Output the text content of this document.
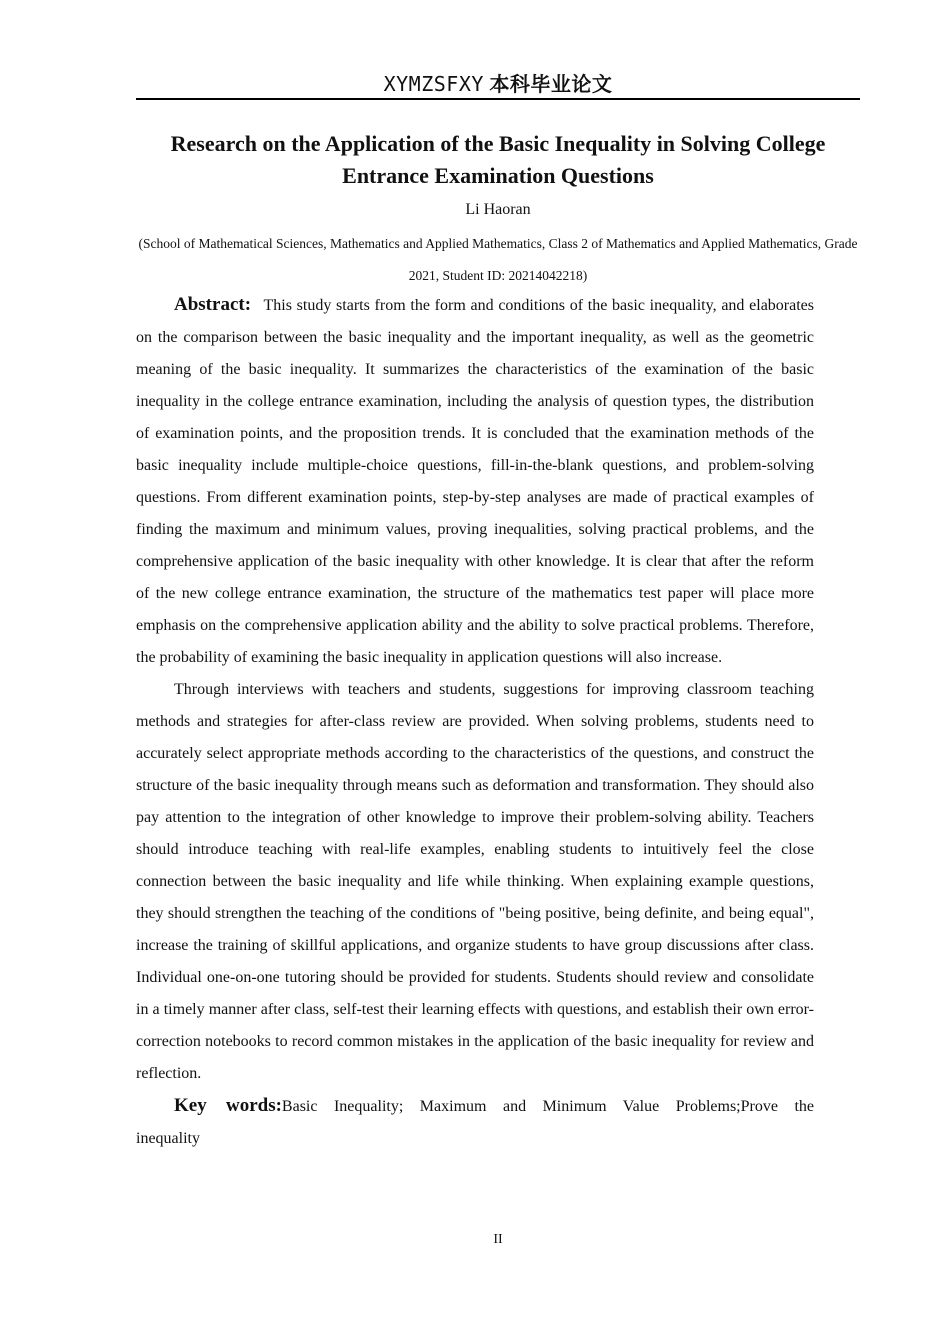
XYMZSFXY 本科毕业论文
Research on the Application of the Basic Inequality in Solving College Entrance Examination Questions
Li Haoran
(School of Mathematical Sciences, Mathematics and Applied Mathematics, Class 2 of Mathematics and Applied Mathematics, Grade 2021, Student ID: 20214042218)

Abstract: This study starts from the form and conditions of the basic inequality, and elaborates on the comparison between the basic inequality and the important inequality, as well as the geometric meaning of the basic inequality. It summarizes the characteristics of the examination of the basic inequality in the college entrance examination, including the analysis of question types, the distribution of examination points, and the proposition trends. It is concluded that the examination methods of the basic inequality include multiple-choice questions, fill-in-the-blank questions, and problem-solving questions. From different examination points, step-by-step analyses are made of practical examples of finding the maximum and minimum values, proving inequalities, solving practical problems, and the comprehensive application of the basic inequality with other knowledge. It is clear that after the reform of the new college entrance examination, the structure of the mathematics test paper will place more emphasis on the comprehensive application ability and the ability to solve practical problems. Therefore, the probability of examining the basic inequality in application questions will also increase.

Through interviews with teachers and students, suggestions for improving classroom teaching methods and strategies for after-class review are provided. When solving problems, students need to accurately select appropriate methods according to the characteristics of the questions, and construct the structure of the basic inequality through means such as deformation and transformation. They should also pay attention to the integration of other knowledge to improve their problem-solving ability. Teachers should introduce teaching with real-life examples, enabling students to intuitively feel the close connection between the basic inequality and life while thinking. When explaining example questions, they should strengthen the teaching of the conditions of "being positive, being definite, and being equal", increase the training of skillful applications, and organize students to have group discussions after class. Individual one-on-one tutoring should be provided for students. Students should review and consolidate in a timely manner after class, self-test their learning effects with questions, and establish their own error-correction notebooks to record common mistakes in the application of the basic inequality for review and reflection.

Key words:Basic Inequality; Maximum and Minimum Value Problems;Prove the inequality

II
